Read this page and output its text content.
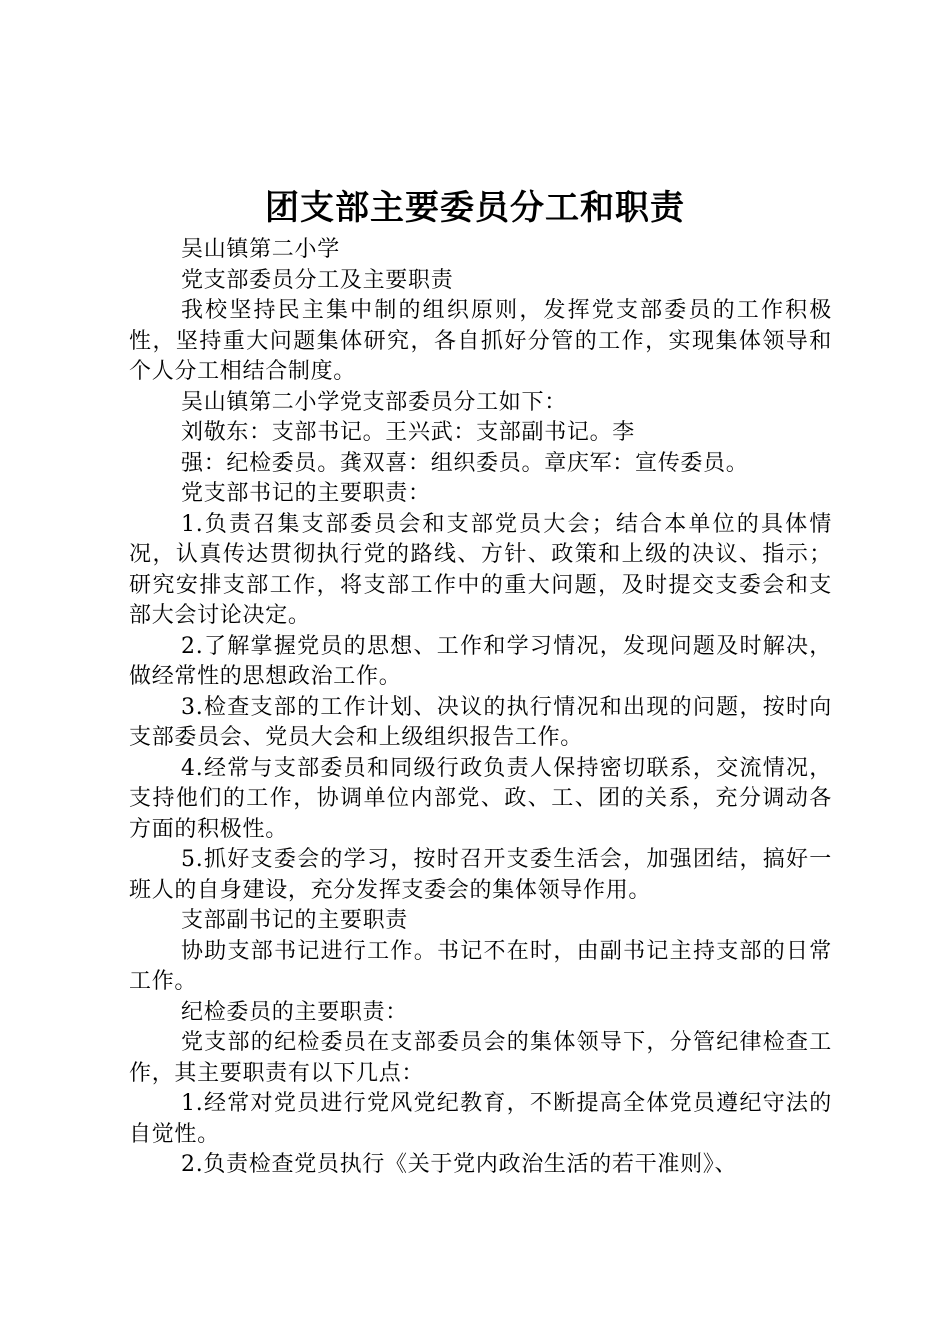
团支部主要委员分工和职责

吴山镇第二小学

党支部委员分工及主要职责

我校坚持民主集中制的组织原则，发挥党支部委员的工作积极性，坚持重大问题集体研究，各自抓好分管的工作，实现集体领导和个人分工相结合制度。

吴山镇第二小学党支部委员分工如下：

刘敬东：支部书记。王兴武：支部副书记。李

强：纪检委员。龚双喜：组织委员。章庆军：宣传委员。

党支部书记的主要职责：

1.负责召集支部委员会和支部党员大会；结合本单位的具体情况，认真传达贯彻执行党的路线、方针、政策和上级的决议、指示；研究安排支部工作，将支部工作中的重大问题，及时提交支委会和支部大会讨论决定。

2.了解掌握党员的思想、工作和学习情况，发现问题及时解决，做经常性的思想政治工作。

3.检查支部的工作计划、决议的执行情况和出现的问题，按时向支部委员会、党员大会和上级组织报告工作。

4.经常与支部委员和同级行政负责人保持密切联系，交流情况，支持他们的工作，协调单位内部党、政、工、团的关系，充分调动各方面的积极性。

5.抓好支委会的学习，按时召开支委生活会，加强团结，搞好一班人的自身建设，充分发挥支委会的集体领导作用。

支部副书记的主要职责

协助支部书记进行工作。书记不在时，由副书记主持支部的日常工作。

纪检委员的主要职责：

党支部的纪检委员在支部委员会的集体领导下，分管纪律检查工作，其主要职责有以下几点：

1.经常对党员进行党风党纪教育，不断提高全体党员遵纪守法的自觉性。

2.负责检查党员执行《关于党内政治生活的若干准则》、
